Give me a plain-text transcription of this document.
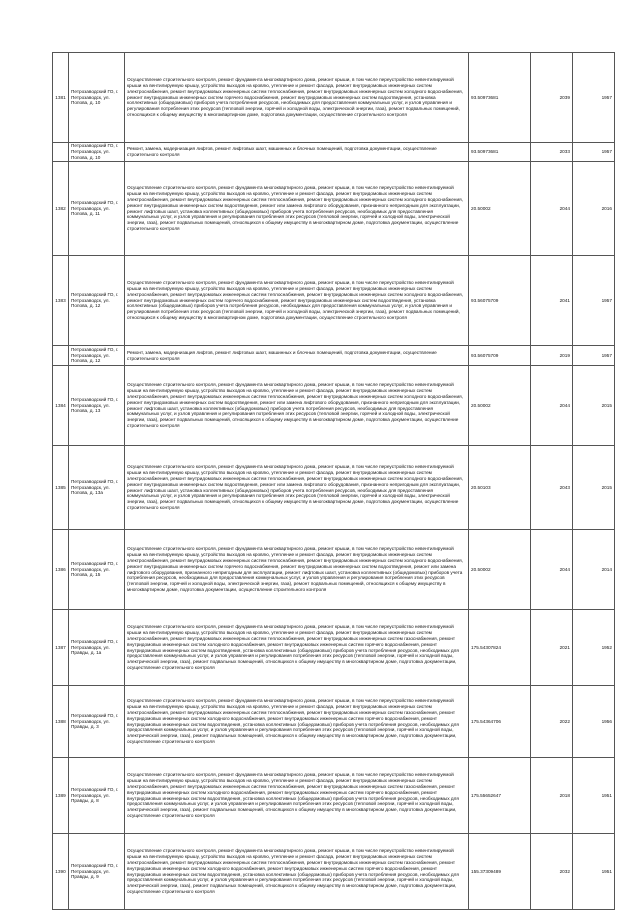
1381	Петрозаводский ГО, г. Петрозаводск, ул. Попова, д. 10	Осуществление строительного контроля, ремонт фундамента многоквартирного дома, ремонт крыши, в том числе переустройство невентилируемой крыши на вентилируемую крышу, устройство выходов на кровлю, утепление и ремонт фасада, ремонт внутридомовых инженерных систем электроснабжения, ремонт внутридомовых инженерных систем теплоснабжения, ремонт внутридомовых инженерных систем холодного водоснабжения, ремонт внутридомовых инженерных систем горячего водоснабжения, ремонт внутридомовых инженерных систем водоотведения, установка коллективных (общедомовых) приборов учета потребления ресурсов, необходимых для предоставления коммунальных услуг, и узлов управления и регулирования потребления этих ресурсов (тепловой энергии, горячей и холодной воды, электрической энергии, газа), ремонт подвальных помещений, относящихся к общему имуществу в многоквартирном доме, подготовка документации, осуществление строительного контроля	93.50973681	2039	1957
	Петрозаводский ГО, г. Петрозаводск, ул. Попова, д. 10	Ремонт, замена, модернизация лифтов, ремонт лифтовых шахт, машинных и блочных помещений, подготовка документации, осуществление строительного контроля	93.50973681	2033	1957
1382	Петрозаводский ГО, г. Петрозаводск, ул. Попова, д. 11	Осуществление строительного контроля, ремонт фундамента многоквартирного дома, ремонт крыши, в том числе переустройство невентилируемой крыши на вентилируемую крышу, устройство выходов на кровлю, утепление и ремонт фасада, ремонт внутридомовых инженерных систем электроснабжения, ремонт внутридомовых инженерных систем теплоснабжения, ремонт внутридомовых инженерных систем холодного водоснабжения, ремонт внутридомовых инженерных систем водоотведения, ремонт или замена лифтового оборудования, признанного непригодным для эксплуатации, ремонт лифтовых шахт, установка коллективных (общедомовых) приборов учета потребления ресурсов, необходимых для предоставления коммунальных услуг, и узлов управления и регулирования потребления этих ресурсов (тепловой энергии, горячей и холодной воды, электрической энергии, газа), ремонт подвальных помещений, относящихся к общему имуществу в многоквартирном доме, подготовка документации, осуществление строительного контроля	20.50002	2044	2016
1383	Петрозаводский ГО, г. Петрозаводск, ул. Попова, д. 12	Осуществление строительного контроля, ремонт фундамента многоквартирного дома, ремонт крыши, в том числе переустройство невентилируемой крыши на вентилируемую крышу, устройство выходов на кровлю, утепление и ремонт фасада, ремонт внутридомовых инженерных систем электроснабжения, ремонт внутридомовых инженерных систем теплоснабжения, ремонт внутридомовых инженерных систем холодного водоснабжения, ремонт внутридомовых инженерных систем горячего водоснабжения, ремонт внутридомовых инженерных систем водоотведения, установка коллективных (общедомовых) приборов учета потребления ресурсов, необходимых для предоставления коммунальных услуг, и узлов управления и регулирования потребления этих ресурсов (тепловой энергии, горячей и холодной воды, электрической энергии, газа), ремонт подвальных помещений, относящихся к общему имуществу в многоквартирном доме, подготовка документации, осуществление строительного контроля	93.56075709	2041	1957
	Петрозаводский ГО, г. Петрозаводск, ул. Попова, д. 12	Ремонт, замена, модернизация лифтов, ремонт лифтовых шахт, машинных и блочных помещений, подготовка документации, осуществление строительного контроля	93.56075709	2019	1957
1384	Петрозаводский ГО, г. Петрозаводск, ул. Попова, д. 13	Осуществление строительного контроля, ремонт фундамента многоквартирного дома, ремонт крыши, в том числе переустройство невентилируемой крыши на вентилируемую крышу, устройство выходов на кровлю, утепление и ремонт фасада, ремонт внутридомовых инженерных систем электроснабжения, ремонт внутридомовых инженерных систем теплоснабжения, ремонт внутридомовых инженерных систем холодного водоснабжения, ремонт внутридомовых инженерных систем водоотведения, ремонт или замена лифтового оборудования, признанного непригодным для эксплуатации, ремонт лифтовых шахт, установка коллективных (общедомовых) приборов учета потребления ресурсов, необходимых для предоставления коммунальных услуг, и узлов управления и регулирования потребления этих ресурсов (тепловой энергии, горячей и холодной воды, электрической энергии, газа), ремонт подвальных помещений, относящихся к общему имуществу в многоквартирном доме, подготовка документации, осуществление строительного контроля	20.50002	2044	2015
1385	Петрозаводский ГО, г. Петрозаводск, ул. Попова, д. 13а	Осуществление строительного контроля, ремонт фундамента многоквартирного дома, ремонт крыши, в том числе переустройство невентилируемой крыши на вентилируемую крышу, устройство выходов на кровлю, утепление и ремонт фасада, ремонт внутридомовых инженерных систем электроснабжения, ремонт внутридомовых инженерных систем теплоснабжения, ремонт внутридомовых инженерных систем холодного водоснабжения, ремонт внутридомовых инженерных систем водоотведения, ремонт или замена лифтового оборудования, признанного непригодным для эксплуатации, ремонт лифтовых шахт, установка коллективных (общедомовых) приборов учета потребления ресурсов, необходимых для предоставления коммунальных услуг, и узлов управления и регулирования потребления этих ресурсов (тепловой энергии, горячей и холодной воды, электрической энергии, газа), ремонт подвальных помещений, относящихся к общему имуществу в многоквартирном доме, подготовка документации, осуществление строительного контроля	20.50103	2043	2015
1386	Петрозаводский ГО, г. Петрозаводск, ул. Попова, д. 15	Осуществление строительного контроля, ремонт фундамента многоквартирного дома, ремонт крыши, в том числе переустройство невентилируемой крыши на вентилируемую крышу, устройство выходов на кровлю, утепление и ремонт фасада, ремонт внутридомовых инженерных систем электроснабжения, ремонт внутридомовых инженерных систем теплоснабжения, ремонт внутридомовых инженерных систем холодного водоснабжения, ремонт внутридомовых инженерных систем горячего водоснабжения, ремонт внутридомовых инженерных систем водоотведения, ремонт или замена лифтового оборудования, признанного непригодным для эксплуатации, ремонт лифтовых шахт, установка коллективных (общедомовых) приборов учета потребления ресурсов, необходимых для предоставления коммунальных услуг, и узлов управления и регулирования потребления этих ресурсов (тепловой энергии, горячей и холодной воды, электрической энергии, газа), ремонт подвальных помещений, относящихся к общему имуществу в многоквартирном доме, подготовка документации, осуществление строительного контроля	20.50002	2044	2014
1387	Петрозаводский ГО, г. Петрозаводск, ул. Правды, д. 1а	Осуществление строительного контроля, ремонт фундамента многоквартирного дома, ремонт крыши, в том числе переустройство невентилируемой крыши на вентилируемую крышу, устройство выходов на кровлю, утепление и ремонт фасада, ремонт внутридомовых инженерных систем электроснабжения, ремонт внутридомовых инженерных систем теплоснабжения, ремонт внутридомовых инженерных систем газоснабжения, ремонт внутридомовых инженерных систем холодного водоснабжения, ремонт внутридомовых инженерных систем горячего водоснабжения, ремонт внутридомовых инженерных систем водоотведения, установка коллективных (общедомовых) приборов учета потребления ресурсов, необходимых для предоставления коммунальных услуг, и узлов управления и регулирования потребления этих ресурсов (тепловой энергии, горячей и холодной воды, электрической энергии, газа), ремонт подвальных помещений, относящихся к общему имуществу в многоквартирном доме, подготовка документации, осуществление строительного контроля	175.54307824	2021	1952
1388	Петрозаводский ГО, г. Петрозаводск, ул. Правды, д. 3	Осуществление строительного контроля, ремонт фундамента многоквартирного дома, ремонт крыши, в том числе переустройство невентилируемой крыши на вентилируемую крышу, устройство выходов на кровлю, утепление и ремонт фасада, ремонт внутридомовых инженерных систем электроснабжения, ремонт внутридомовых инженерных систем теплоснабжения, ремонт внутридомовых инженерных систем газоснабжения, ремонт внутридомовых инженерных систем холодного водоснабжения, ремонт внутридомовых инженерных систем горячего водоснабжения, ремонт внутридомовых инженерных систем водоотведения, установка коллективных (общедомовых) приборов учета потребления ресурсов, необходимых для предоставления коммунальных услуг, и узлов управления и регулирования потребления этих ресурсов (тепловой энергии, горячей и холодной воды, электрической энергии, газа), ремонт подвальных помещений, относящихся к общему имуществу в многоквартирном доме, подготовка документации, осуществление строительного контроля	175.54364706	2022	1956
1389	Петрозаводский ГО, г. Петрозаводск, ул. Правды, д. 8	Осуществление строительного контроля, ремонт фундамента многоквартирного дома, ремонт крыши, в том числе переустройство невентилируемой крыши на вентилируемую крышу, устройство выходов на кровлю, утепление и ремонт фасада, ремонт внутридомовых инженерных систем электроснабжения, ремонт внутридомовых инженерных систем теплоснабжения, ремонт внутридомовых инженерных систем газоснабжения, ремонт внутридомовых инженерных систем холодного водоснабжения, ремонт внутридомовых инженерных систем горячего водоснабжения, ремонт внутридомовых инженерных систем водоотведения, установка коллективных (общедомовых) приборов учета потребления ресурсов, необходимых для предоставления коммунальных услуг, и узлов управления и регулирования потребления этих ресурсов (тепловой энергии, горячей и холодной воды, электрической энергии, газа), ремонт подвальных помещений, относящихся к общему имуществу в многоквартирном доме, подготовка документации, осуществление строительного контроля	175.55652647	2018	1951
1390	Петрозаводский ГО, г. Петрозаводск, ул. Правды, д. 9	Осуществление строительного контроля, ремонт фундамента многоквартирного дома, ремонт крыши, в том числе переустройство невентилируемой крыши на вентилируемую крышу, устройство выходов на кровлю, утепление и ремонт фасада, ремонт внутридомовых инженерных систем электроснабжения, ремонт внутридомовых инженерных систем теплоснабжения, ремонт внутридомовых инженерных систем газоснабжения, ремонт внутридомовых инженерных систем холодного водоснабжения, ремонт внутридомовых инженерных систем горячего водоснабжения, ремонт внутридомовых инженерных систем водоотведения, установка коллективных (общедомовых) приборов учета потребления ресурсов, необходимых для предоставления коммунальных услуг, и узлов управления и регулирования потребления этих ресурсов (тепловой энергии, горячей и холодной воды, электрической энергии, газа), ремонт подвальных помещений, относящихся к общему имуществу в многоквартирном доме, подготовка документации, осуществление строительного контроля	155.37309489	2032	1951
